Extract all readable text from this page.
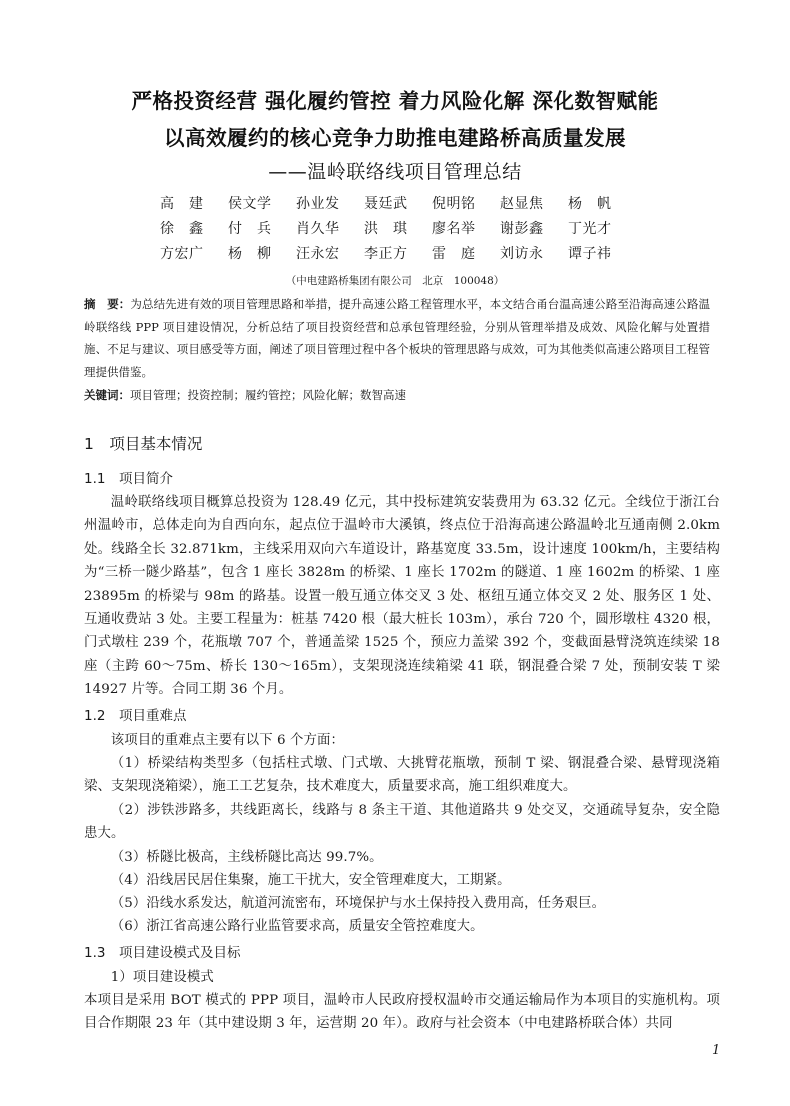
严格投资经营 强化履约管控 着力风险化解 深化数智赋能
以高效履约的核心竞争力助推电建路桥高质量发展
——温岭联络线项目管理总结
高　建	侯文学	孙业发	聂廷武	倪明铭	赵显焦	杨　帆
徐　鑫	付　兵	肖久华	洪　琪	廖名举	谢彭鑫	丁光才
方宏广	杨　柳	汪永宏	李正方	雷　庭	刘访永	谭子祎
（中电建路桥集团有限公司　北京　100048）
摘　要：为总结先进有效的项目管理思路和举措，提升高速公路工程管理水平，本文结合甬台温高速公路至沿海高速公路温岭联络线 PPP 项目建设情况，分析总结了项目投资经营和总承包管理经验，分别从管理举措及成效、风险化解与处置措施、不足与建议、项目感受等方面，阐述了项目管理过程中各个板块的管理思路与成效，可为其他类似高速公路项目工程管理提供借鉴。
关键词：项目管理；投资控制；履约管控；风险化解；数智高速
1　项目基本情况
1.1　项目简介
温岭联络线项目概算总投资为 128.49 亿元，其中投标建筑安装费用为 63.32 亿元。全线位于浙江台州温岭市，总体走向为自西向东，起点位于温岭市大溪镇，终点位于沿海高速公路温岭北互通南侧 2.0km 处。线路全长 32.871km，主线采用双向六车道设计，路基宽度 33.5m，设计速度 100km/h，主要结构为“三桥一隧少路基”，包含 1 座长 3828m 的桥梁、1 座长 1702m 的隧道、1 座 1602m 的桥梁、1 座 23895m 的桥梁与 98m 的路基。设置一般互通立体交叉 3 处、枢纽互通立体交叉 2 处、服务区 1 处、互通收费站 3 处。主要工程量为：桩基 7420 根（最大桩长 103m），承台 720 个，圆形墩柱 4320 根，门式墩柱 239 个，花瓶墩 707 个，普通盖梁 1525 个，预应力盖梁 392 个，变截面悬臂浇筑连续梁 18 座（主跨 60～75m、桥长 130～165m），支架现浇连续箱梁 41 联，钢混叠合梁 7 处，预制安装 T 梁 14927 片等。合同工期 36 个月。
1.2　项目重难点
该项目的重难点主要有以下 6 个方面：
（1）桥梁结构类型多（包括柱式墩、门式墩、大挑臂花瓶墩，预制 T 梁、钢混叠合梁、悬臂现浇箱梁、支架现浇箱梁），施工工艺复杂，技术难度大，质量要求高，施工组织难度大。
（2）涉铁涉路多，共线距离长，线路与 8 条主干道、其他道路共 9 处交叉，交通疏导复杂，安全隐患大。
（3）桥隧比极高，主线桥隧比高达 99.7%。
（4）沿线居民居住集聚，施工干扰大，安全管理难度大，工期紧。
（5）沿线水系发达，航道河流密布，环境保护与水土保持投入费用高，任务艰巨。
（6）浙江省高速公路行业监管要求高，质量安全管控难度大。
1.3　项目建设模式及目标
1）项目建设模式
本项目是采用 BOT 模式的 PPP 项目，温岭市人民政府授权温岭市交通运输局作为本项目的实施机构。项目合作期限 23 年（其中建设期 3 年，运营期 20 年）。政府与社会资本（中电建路桥联合体）共同
1
